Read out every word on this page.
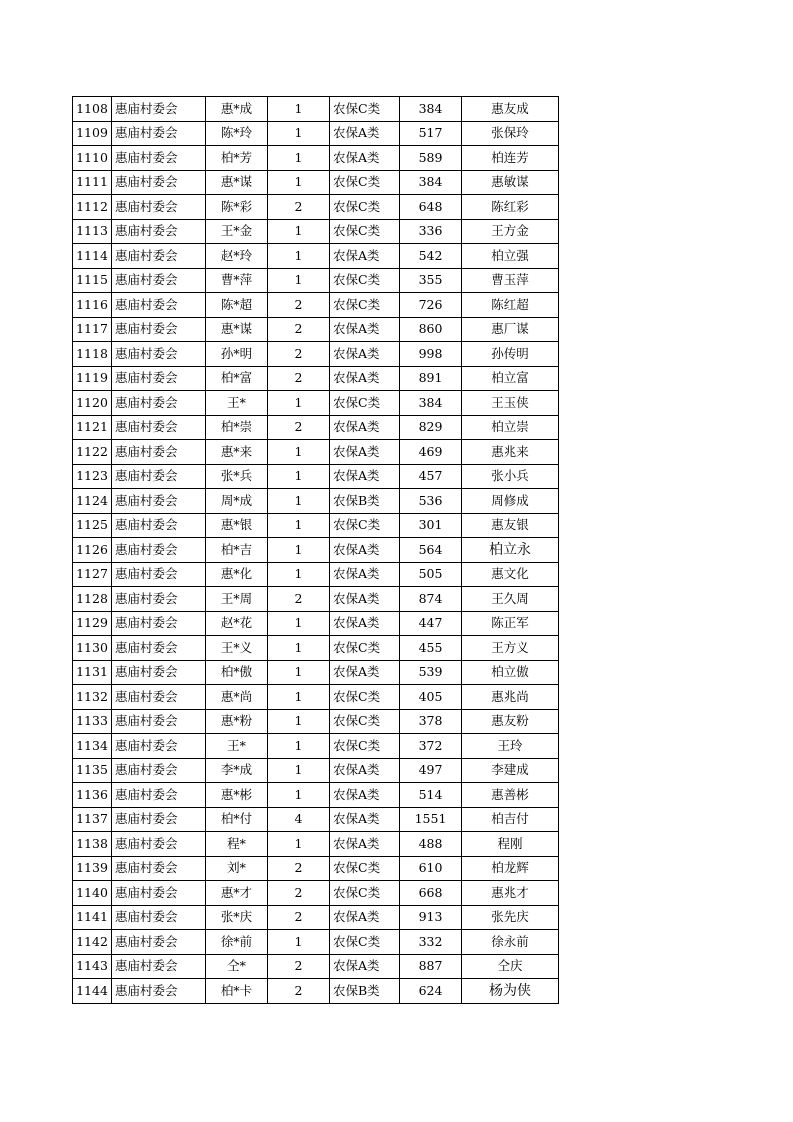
1108	惠庙村委会	惠*成	1	农保C类	384	惠友成
1109	惠庙村委会	陈*玲	1	农保A类	517	张保玲
1110	惠庙村委会	柏*芳	1	农保A类	589	柏连芳
1111	惠庙村委会	惠*谋	1	农保C类	384	惠敏谋
1112	惠庙村委会	陈*彩	2	农保C类	648	陈红彩
1113	惠庙村委会	王*金	1	农保C类	336	王方金
1114	惠庙村委会	赵*玲	1	农保A类	542	柏立强
1115	惠庙村委会	曹*萍	1	农保C类	355	曹玉萍
1116	惠庙村委会	陈*超	2	农保C类	726	陈红超
1117	惠庙村委会	惠*谋	2	农保A类	860	惠厂谋
1118	惠庙村委会	孙*明	2	农保A类	998	孙传明
1119	惠庙村委会	柏*富	2	农保A类	891	柏立富
1120	惠庙村委会	王*	1	农保C类	384	王玉侠
1121	惠庙村委会	柏*崇	2	农保A类	829	柏立崇
1122	惠庙村委会	惠*来	1	农保A类	469	惠兆来
1123	惠庙村委会	张*兵	1	农保A类	457	张小兵
1124	惠庙村委会	周*成	1	农保B类	536	周修成
1125	惠庙村委会	惠*银	1	农保C类	301	惠友银
1126	惠庙村委会	柏*吉	1	农保A类	564	柏立永
1127	惠庙村委会	惠*化	1	农保A类	505	惠文化
1128	惠庙村委会	王*周	2	农保A类	874	王久周
1129	惠庙村委会	赵*花	1	农保A类	447	陈正军
1130	惠庙村委会	王*义	1	农保C类	455	王方义
1131	惠庙村委会	柏*傲	1	农保A类	539	柏立傲
1132	惠庙村委会	惠*尚	1	农保C类	405	惠兆尚
1133	惠庙村委会	惠*粉	1	农保C类	378	惠友粉
1134	惠庙村委会	王*	1	农保C类	372	王玲
1135	惠庙村委会	李*成	1	农保A类	497	李建成
1136	惠庙村委会	惠*彬	1	农保A类	514	惠善彬
1137	惠庙村委会	柏*付	4	农保A类	1551	柏吉付
1138	惠庙村委会	程*	1	农保A类	488	程刚
1139	惠庙村委会	刘*	2	农保C类	610	柏龙辉
1140	惠庙村委会	惠*才	2	农保C类	668	惠兆才
1141	惠庙村委会	张*庆	2	农保A类	913	张先庆
1142	惠庙村委会	徐*前	1	农保C类	332	徐永前
1143	惠庙村委会	仝*	2	农保A类	887	仝庆
1144	惠庙村委会	柏*卡	2	农保B类	624	杨为侠
